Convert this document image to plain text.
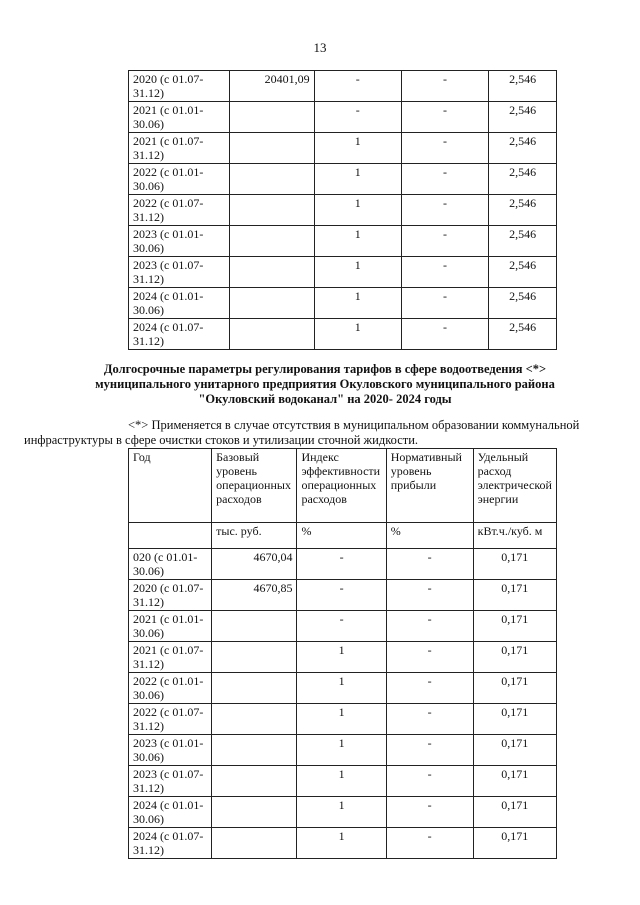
13
2020 (с 01.07-31.12)	20401,09	-	-	2,546
2021 (с 01.01-30.06)		-	-	2,546
2021 (с 01.07-31.12)		1	-	2,546
2022 (с 01.01-30.06)		1	-	2,546
2022 (с 01.07-31.12)		1	-	2,546
2023 (с 01.01-30.06)		1	-	2,546
2023 (с 01.07-31.12)		1	-	2,546
2024 (с 01.01-30.06)		1	-	2,546
2024 (с 01.07-31.12)		1	-	2,546
Долгосрочные параметры регулирования тарифов в сфере водоотведения <*>
муниципального унитарного предприятия Окуловского муниципального района
"Окуловский водоканал" на 2020- 2024 годы
<*> Применяется в случае отсутствия в муниципальном образовании коммунальной
инфраструктуры в сфере очистки стоков и утилизации сточной жидкости.
Год	Базовый уровень операционных расходов	Индекс эффективности операционных расходов	Нормативный уровень прибыли	Удельный расход электрической энергии
	тыс. руб.	%	%	кВт.ч./куб. м
020 (с 01.01-30.06)	4670,04	-	-	0,171
2020 (с 01.07-31.12)	4670,85	-	-	0,171
2021 (с 01.01-30.06)		-	-	0,171
2021 (с 01.07-31.12)		1	-	0,171
2022 (с 01.01-30.06)		1	-	0,171
2022 (с 01.07-31.12)		1	-	0,171
2023 (с 01.01-30.06)		1	-	0,171
2023 (с 01.07-31.12)		1	-	0,171
2024 (с 01.01-30.06)		1	-	0,171
2024 (с 01.07-31.12)		1	-	0,171
